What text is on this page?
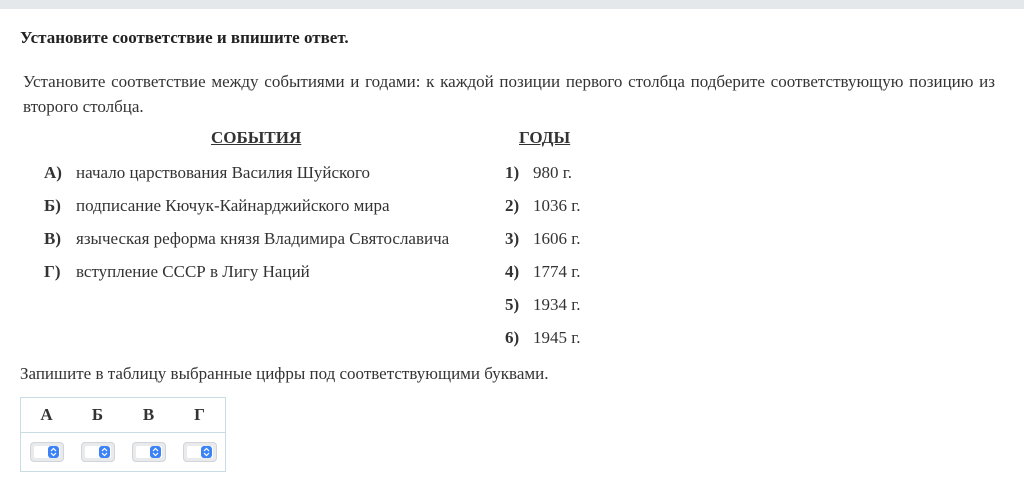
Установите соответствие и впишите ответ.
Установите соответствие между событиями и годами: к каждой позиции первого столбца подберите соответствующую позицию из второго столбца.
СОБЫТИЯ	ГОДЫ
А) начало царствования Василия Шуйского
Б) подписание Кючук-Кайнарджийского мира
В) языческая реформа князя Владимира Святославича
Г) вступление СССР в Лигу Наций
1) 980 г.
2) 1036 г.
3) 1606 г.
4) 1774 г.
5) 1934 г.
6) 1945 г.
Запишите в таблицу выбранные цифры под соответствующими буквами.
А	Б	В	Г
